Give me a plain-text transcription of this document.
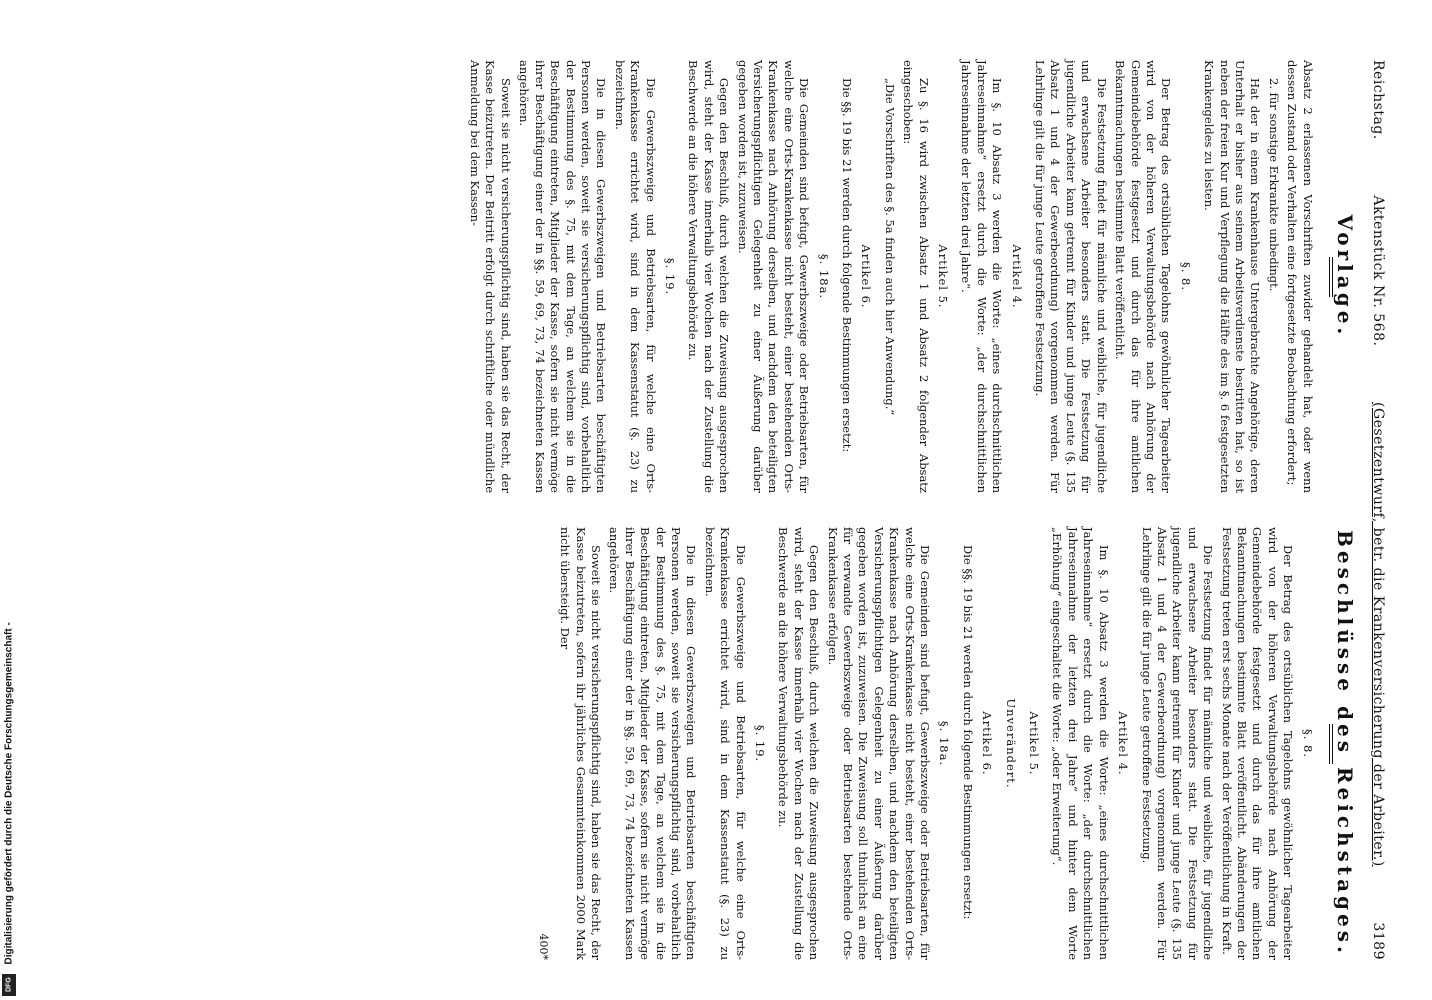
Digitalisierung gefördert durch die Deutsche Forschungsgemeinschaft -
DFG
Reichstag.
Aktenstück Nr. 568.
(Gesetzentwurf, betr. die Krankenversicherung der Arbeiter.)
3189
Vorlage.

Absatz 2 erlassenen Vorschriften zuwider gehandelt hat, oder wenn dessen Zustand oder Verhalten eine fortgesetzte Beobachtung erfordert;

2. für sonstige Erkrankte unbedingt.

Hat der in einem Krankenhause Untergebrachte Angehörige, deren Unterhalt er bisher aus seinem Arbeitsverdienste bestritten hat, so ist neben der freien Kur und Verpflegung die Hälfte des im §. 6 festgesetzten Krankengeldes zu leisten.

§. 8.

Der Betrag des ortsüblichen Tagelohns gewöhnlicher Tagearbeiter wird von der höheren Verwaltungsbehörde nach Anhörung der Gemeindebehörde festgesetzt und durch das für ihre amtlichen Bekanntmachungen bestimmte Blatt veröffentlicht.

Die Festsetzung findet für männliche und weibliche, für jugendliche und erwachsene Arbeiter besonders statt. Die Festsetzung für jugendliche Arbeiter kann getrennt für Kinder und junge Leute (§. 135 Absatz 1 und 4 der Gewerbeordnung) vorgenommen werden. Für Lehrlinge gilt die für junge Leute getroffene Festsetzung.

Artikel 4.

Im §. 10 Absatz 3 werden die Worte: „eines durchschnittlichen Jahreseinnahme“ ersetzt durch die Worte: „der durchschnittlichen Jahreseinnahme der letzten drei Jahre“.

Artikel 5.

Zu §. 16 wird zwischen Absatz 1 und Absatz 2 folgender Absatz eingeschoben:

„Die Vorschriften des §. 5a finden auch hier Anwendung.“

Artikel 6.

Die §§. 19 bis 21 werden durch folgende Bestimmungen ersetzt:

§. 18a.

Die Gemeinden sind befugt, Gewerbszweige oder Betriebsarten, für welche eine Orts-Krankenkasse nicht besteht, einer bestehenden Orts-Krankenkasse nach Anhörung derselben, und nachdem den beteiligten Versicherungspflichtigen Gelegenheit zu einer Äußerung darüber gegeben worden ist, zuzuweisen.

Gegen den Beschluß, durch welchen die Zuweisung ausgesprochen wird, steht der Kasse innerhalb vier Wochen nach der Zustellung die Beschwerde an die höhere Verwaltungsbehörde zu.

§. 19.

Die Gewerbszweige und Betriebsarten, für welche eine Orts-Krankenkasse errichtet wird, sind in dem Kassenstatut (§. 23) zu bezeichnen.

Die in diesen Gewerbszweigen und Betriebsarten beschäftigten Personen werden, soweit sie versicherungspflichtig sind, vorbehaltlich der Bestimmung des §. 75, mit dem Tage, an welchem sie in die Beschäftigung eintreten, Mitglieder der Kasse, sofern sie nicht vermöge ihrer Beschäftigung einer der in §§. 59, 69, 73, 74 bezeichneten Kassen angehören.

Soweit sie nicht versicherungspflichtig sind, haben sie das Recht, der Kasse beizutreten. Der Beitritt erfolgt durch schriftliche oder mündliche Anmeldung bei dem Kassen-

Beschlüsse des Reichstages.
§. 8.

Der Betrag des ortsüblichen Tagelohns gewöhnlicher Tagearbeiter wird von der höheren Verwaltungsbehörde nach Anhörung der Gemeindebehörde festgesetzt und durch das für ihre amtlichen Bekanntmachungen bestimmte Blatt veröffentlicht. Abänderungen der Festsetzung treten erst sechs Monate nach der Veröffentlichung in Kraft.

Die Festsetzung findet für männliche und weibliche, für jugendliche und erwachsene Arbeiter besonders statt. Die Festsetzung für jugendliche Arbeiter kann getrennt für Kinder und junge Leute (§. 135 Absatz 1 und 4 der Gewerbeordnung) vorgenommen werden. Für Lehrlinge gilt die für junge Leute getroffene Festsetzung.

Artikel 4.

Im §. 10 Absatz 3 werden die Worte: „eines durchschnittlichen Jahreseinnahme“ ersetzt durch die Worte: „der durchschnittlichen Jahreseinnahme der letzten drei Jahre“ und hinter dem Worte „Erhöhung“ eingeschaltet die Worte: „oder Erweiterung“.

Artikel 5.
Unverändert.
Artikel 6.

Die §§. 19 bis 21 werden durch folgende Bestimmungen ersetzt:

§. 18a.

Die Gemeinden sind befugt, Gewerbszweige oder Betriebsarten, für welche eine Orts-Krankenkasse nicht besteht, einer bestehenden Orts-Krankenkasse nach Anhörung derselben, und nachdem den beteiligten Versicherungspflichtigen Gelegenheit zu einer Äußerung darüber gegeben worden ist, zuzuweisen. Die Zuweisung soll thunlichst an eine für verwandte Gewerbszweige oder Betriebsarten bestehende Orts-Krankenkasse erfolgen.

Gegen den Beschluß, durch welchen die Zuweisung ausgesprochen wird, steht der Kasse innerhalb vier Wochen nach der Zustellung die Beschwerde an die höhere Verwaltungsbehörde zu.

§. 19.

Die Gewerbszweige und Betriebsarten, für welche eine Orts-Krankenkasse errichtet wird, sind in dem Kassenstatut (§. 23) zu bezeichnen.

Die in diesen Gewerbszweigen und Betriebsarten beschäftigten Personen werden, soweit sie versicherungspflichtig sind, vorbehaltlich der Bestimmung des §. 75, mit dem Tage, an welchem sie in die Beschäftigung eintreten, Mitglieder der Kasse, sofern sie nicht vermöge ihrer Beschäftigung einer der in §§. 59, 69, 73, 74 bezeichneten Kassen angehören.

Soweit sie nicht versicherungspflichtig sind, haben sie das Recht, der Kasse beizutreten, sofern ihr jährliches Gesammteinkommen 2000 Mark nicht übersteigt. Der

400*
